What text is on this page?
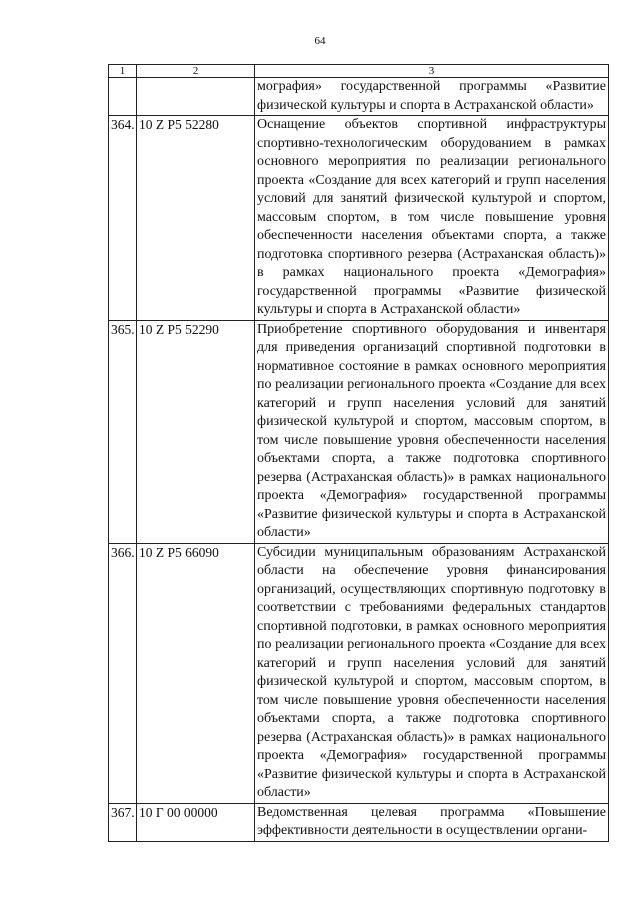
64
1	2	3
		мография» государственной программы «Развитие физической культуры и спорта в Астраханской области»
364.	10 Z P5 52280	Оснащение объектов спортивной инфраструктуры спортивно-технологическим оборудованием в рамках основного мероприятия по реализации регионального проекта «Создание для всех категорий и групп населения условий для занятий физической культурой и спортом, массовым спортом, в том числе повышение уровня обеспеченности населения объектами спорта, а также подготовка спортивного резерва (Астраханская область)» в рамках национального проекта «Демография» государственной программы «Развитие физической культуры и спорта в Астраханской области»
365.	10 Z P5 52290	Приобретение спортивного оборудования и инвентаря для приведения организаций спортивной подготовки в нормативное состояние в рамках основного мероприятия по реализации регионального проекта «Создание для всех категорий и групп населения условий для занятий физической культурой и спортом, массовым спортом, в том числе повышение уровня обеспеченности населения объектами спорта, а также подготовка спортивного резерва (Астраханская область)» в рамках национального проекта «Демография» государственной программы «Развитие физической культуры и спорта в Астраханской области»
366.	10 Z P5 66090	Субсидии муниципальным образованиям Астраханской области на обеспечение уровня финансирования организаций, осуществляющих спортивную подготовку в соответствии с требованиями федеральных стандартов спортивной подготовки, в рамках основного мероприятия по реализации регионального проекта «Создание для всех категорий и групп населения условий для занятий физической культурой и спортом, массовым спортом, в том числе повышение уровня обеспеченности населения объектами спорта, а также подготовка спортивного резерва (Астраханская область)» в рамках национального проекта «Демография» государственной программы «Развитие физической культуры и спорта в Астраханской области»
367.	10 Г 00 00000	Ведомственная целевая программа «Повышение эффективности деятельности в осуществлении органи-
